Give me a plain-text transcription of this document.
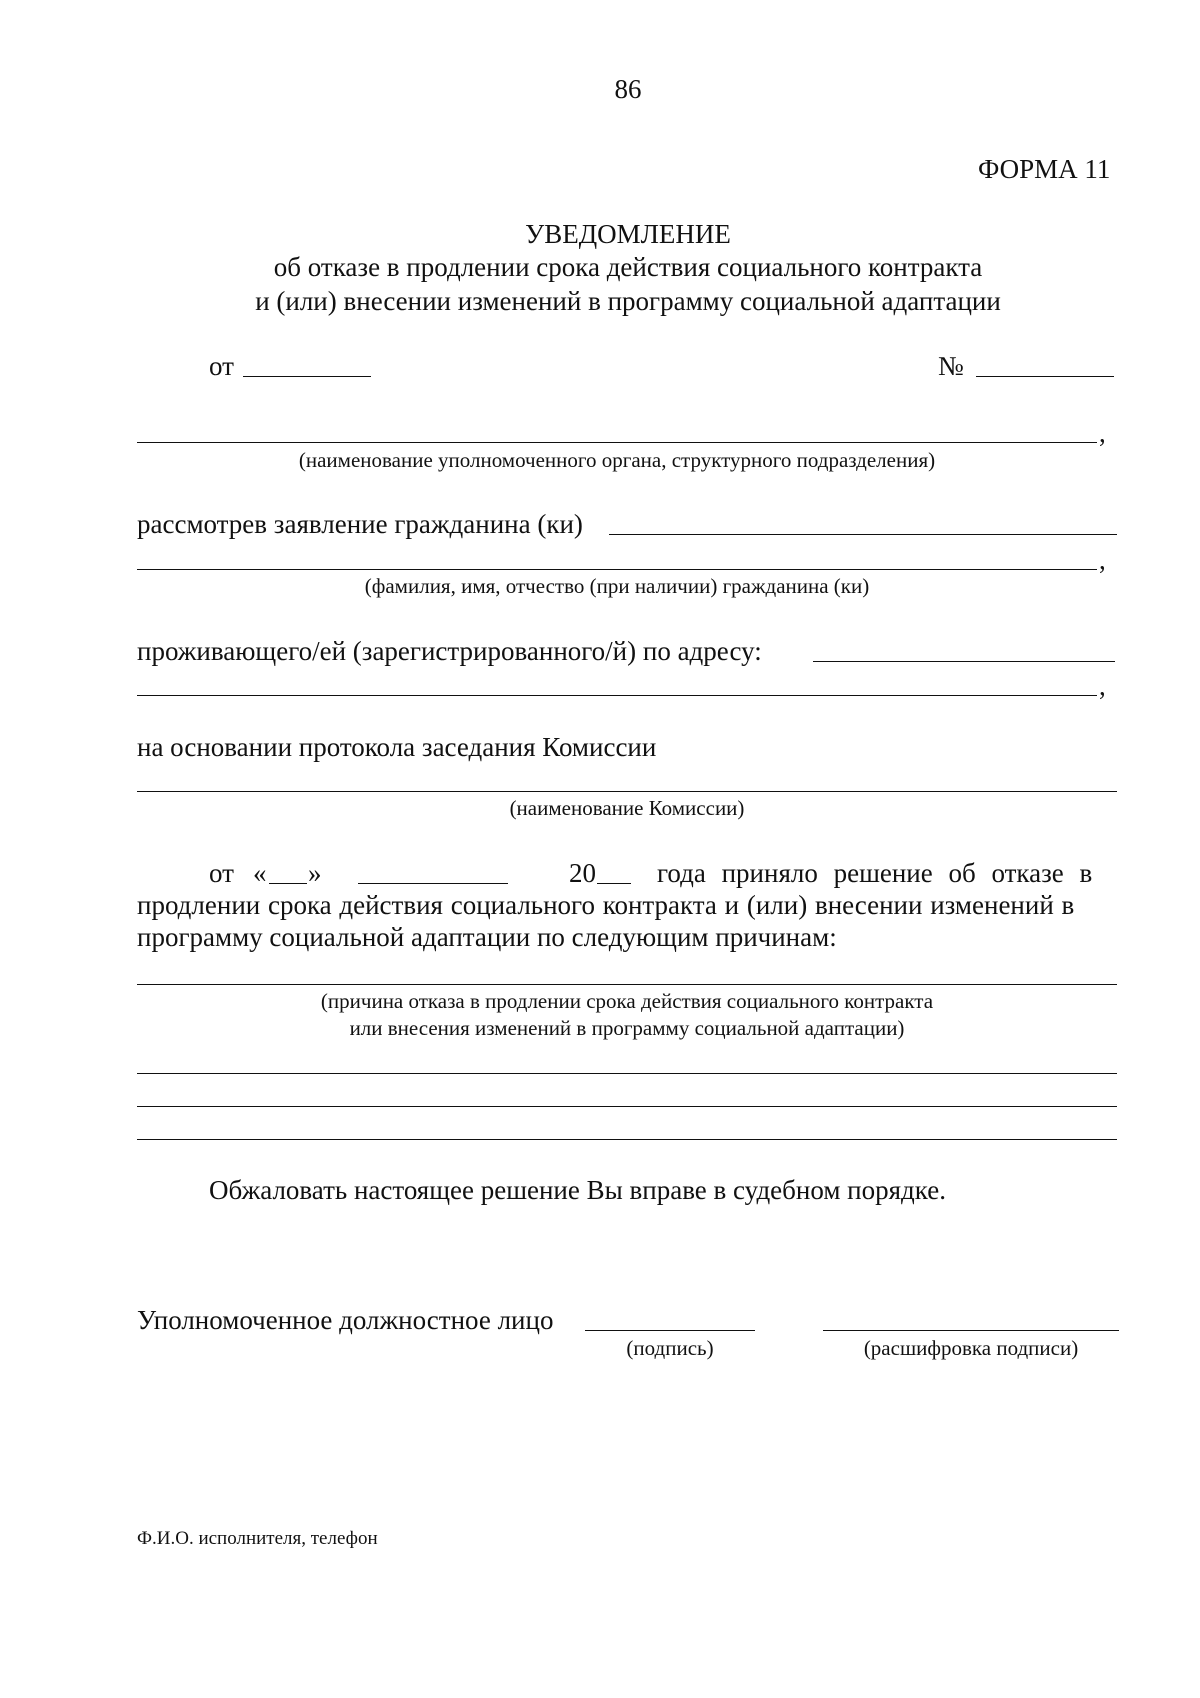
86
ФОРМА 11
УВЕДОМЛЕНИЕ
об отказе в продлении срока действия социального контракта
и (или) внесении изменений в программу социальной адаптации
от	№
,
(наименование уполномоченного органа, структурного подразделения)
рассмотрев заявление гражданина (ки)
,
(фамилия, имя, отчество (при наличии) гражданина (ки)
проживающего/ей (зарегистрированного/й) по адресу:
,
на основании протокола заседания Комиссии
(наименование Комиссии)
от « »	20 года приняло решение об отказе в
продлении срока действия социального контракта и (или) внесении изменений в
программу социальной адаптации по следующим причинам:
(причина отказа в продлении срока действия социального контракта
или внесения изменений в программу социальной адаптации)
Обжаловать настоящее решение Вы вправе в судебном порядке.
Уполномоченное должностное лицо
(подпись)	(расшифровка подписи)
Ф.И.О. исполнителя, телефон
